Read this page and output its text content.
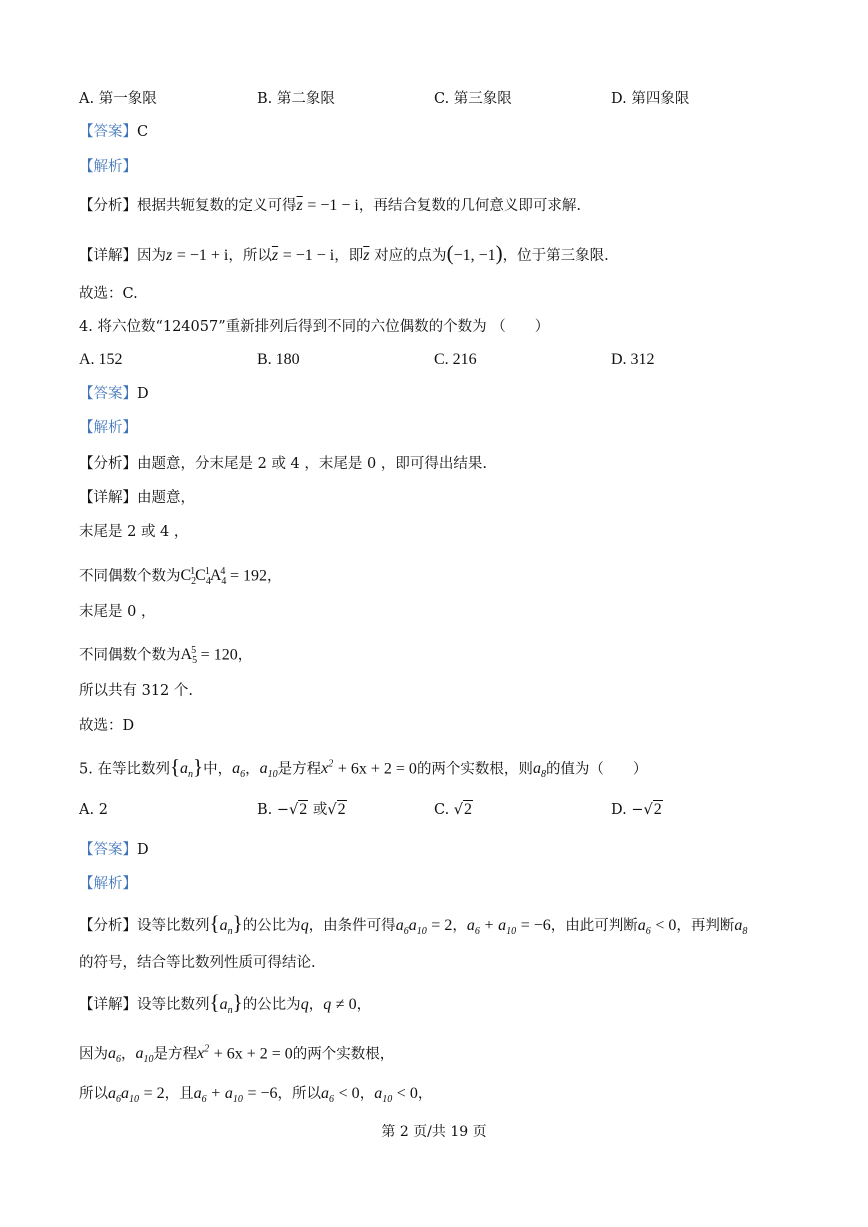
A. 第一象限	B. 第二象限	C. 第三象限	D. 第四象限
【答案】C
【解析】
【分析】根据共轭复数的定义可得$\overline{z} = -1 - i$，再结合复数的几何意义即可求解.
【详解】因为z = −1 + i，所以$\overline{z} = -1 - i$，即$\overline{z}$ 对应的点为(−1, −1)，位于第三象限.
故选：C.
4. 将六位数“124057”重新排列后得到不同的六位偶数的个数为 （　　）
A. 152	B. 180	C. 216	D. 312
【答案】D
【解析】
【分析】由题意，分末尾是 2 或 4 ，末尾是 0 ，即可得出结果.
【详解】由题意，
末尾是 2 或 4 ，
不同偶数个数为$C_2^1C_4^1A_4^4 = 192$，
末尾是 0 ，
不同偶数个数为$A_5^5 = 120$，
所以共有 312 个.
故选：D
5. 在等比数列$\{a_n\}$中，$a_6$，$a_{10}$是方程$x^2 + 6x + 2 = 0$的两个实数根，则$a_8$的值为（　　）
A. 2	B. −√2 或√2	C. √2	D. −√2
【答案】D
【解析】
【分析】设等比数列$\{a_n\}$的公比为q，由条件可得$a_6a_{10} = 2$，$a_6 + a_{10} = -6$，由此可判断$a_6 < 0$，再判断$a_8$
的符号，结合等比数列性质可得结论.
【详解】设等比数列$\{a_n\}$的公比为q，q ≠ 0，
因为$a_6$，$a_{10}$是方程$x^2 + 6x + 2 = 0$的两个实数根，
所以$a_6a_{10} = 2$，且$a_6 + a_{10} = -6$，所以$a_6 < 0$，$a_{10} < 0$，
第 2 页/共 19 页
